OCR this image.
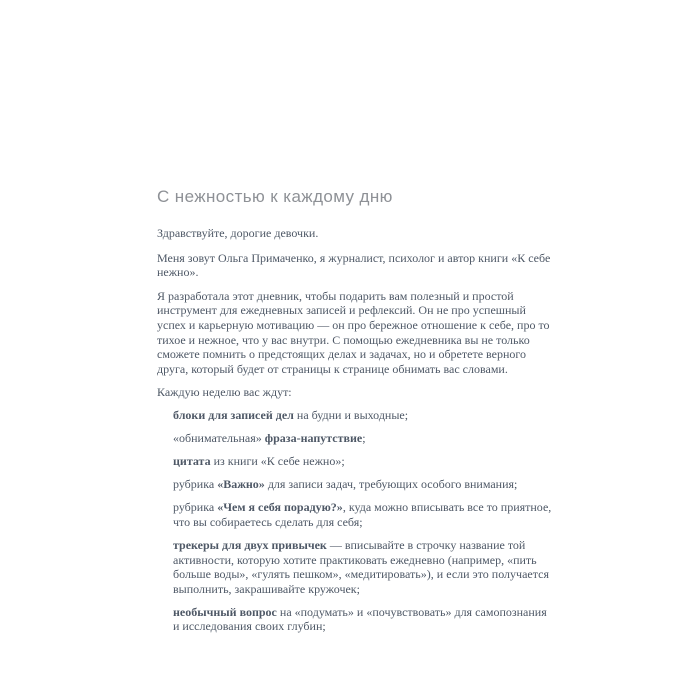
С нежностью к каждому дню

Здравствуйте, дорогие девочки.

Меня зовут Ольга Примаченко, я журналист, психолог и автор книги «К себе нежно».

Я разработала этот дневник, чтобы подарить вам полезный и простой инструмент для ежедневных записей и рефлексий. Он не про успешный успех и карьерную мотивацию — он про бережное отношение к себе, про то тихое и нежное, что у вас внутри. С помощью ежедневника вы не только сможете помнить о предстоящих делах и задачах, но и обретете верного друга, который будет от страницы к странице обнимать вас словами.

Каждую неделю вас ждут:

блоки для записей дел на будни и выходные;

«обнимательная» фраза-напутствие;

цитата из книги «К себе нежно»;

рубрика «Важно» для записи задач, требующих особого внимания;

рубрика «Чем я себя порадую?», куда можно вписывать все то приятное, что вы собираетесь сделать для себя;

трекеры для двух привычек — вписывайте в строчку название той активности, которую хотите практиковать ежедневно (например, «пить больше воды», «гулять пешком», «медитировать»), и если это получается выполнить, закрашивайте кружочек;

необычный вопрос на «подумать» и «почувствовать» для самопознания и исследования своих глубин;
